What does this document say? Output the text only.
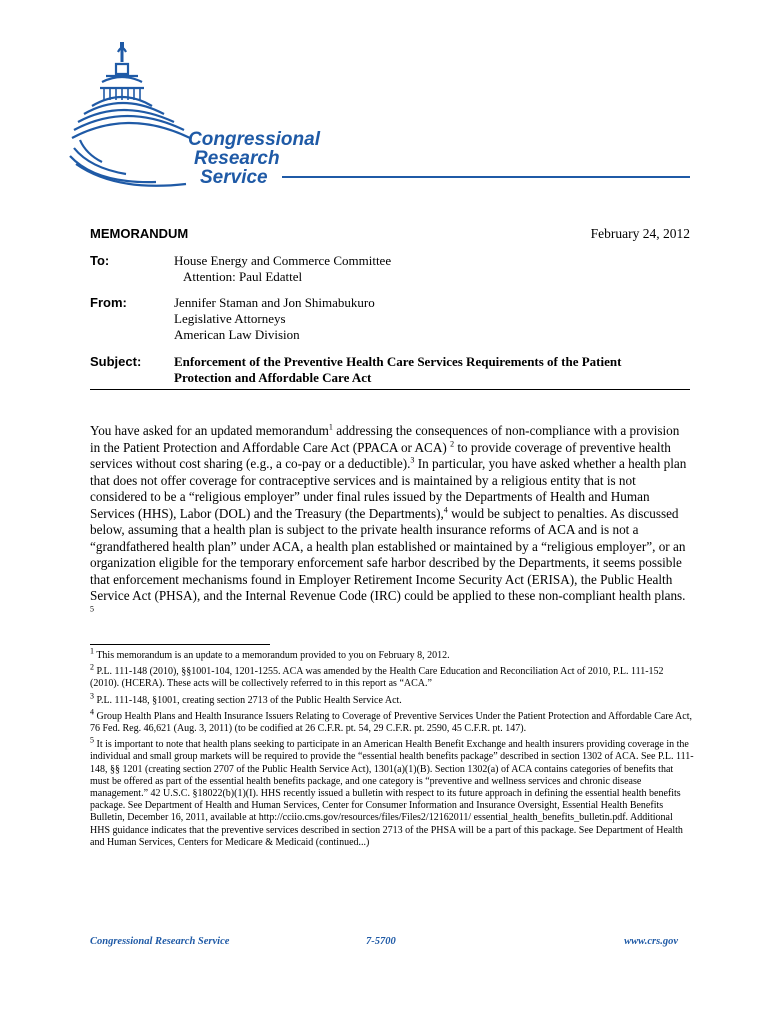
Congressional
Research
Service
MEMORANDUM	February 24, 2012
To:	House Energy and Commerce Committee
Attention: Paul Edattel
From:	Jennifer Staman and Jon Shimabukuro
Legislative Attorneys
American Law Division
Subject:	Enforcement of the Preventive Health Care Services Requirements of the Patient Protection and Affordable Care Act
You have asked for an updated memorandum$^1$ addressing the consequences of non-compliance with a provision in the Patient Protection and Affordable Care Act (PPACA or ACA) $^2$ to provide coverage of preventive health services without cost sharing (e.g., a co-pay or a deductible).$^3$ In particular, you have asked whether a health plan that does not offer coverage for contraceptive services and is maintained by a religious entity that is not considered to be a “religious employer” under final rules issued by the Departments of Health and Human Services (HHS), Labor (DOL) and the Treasury (the Departments),$^4$ would be subject to penalties. As discussed below, assuming that a health plan is subject to the private health insurance reforms of ACA and is not a “grandfathered health plan” under ACA, a health plan established or maintained by a “religious employer”, or an organization eligible for the temporary enforcement safe harbor described by the Departments, it seems possible that enforcement mechanisms found in Employer Retirement Income Security Act (ERISA), the Public Health Service Act (PHSA), and the Internal Revenue Code (IRC) could be applied to these non-compliant health plans. $^5$
$^1$ This memorandum is an update to a memorandum provided to you on February 8, 2012.
$^2$ P.L. 111-148 (2010), §§1001-104, 1201-1255. ACA was amended by the Health Care Education and Reconciliation Act of 2010, P.L. 111-152 (2010). (HCERA). These acts will be collectively referred to in this report as “ACA.”
$^3$ P.L. 111-148, §1001, creating section 2713 of the Public Health Service Act.
$^4$ Group Health Plans and Health Insurance Issuers Relating to Coverage of Preventive Services Under the Patient Protection and Affordable Care Act, 76 Fed. Reg. 46,621 (Aug. 3, 2011) (to be codified at 26 C.F.R. pt. 54, 29 C.F.R. pt. 2590, 45 C.F.R. pt. 147).
$^5$ It is important to note that health plans seeking to participate in an American Health Benefit Exchange and health insurers providing coverage in the individual and small group markets will be required to provide the “essential health benefits package” described in section 1302 of ACA. See P.L. 111-148, §§ 1201 (creating section 2707 of the Public Health Service Act), 1301(a)(1)(B). Section 1302(a) of ACA contains categories of benefits that must be offered as part of the essential health benefits package, and one category is “preventive and wellness services and chronic disease management.” 42 U.S.C. §18022(b)(1)(I). HHS recently issued a bulletin with respect to its future approach in defining the essential health benefits package. See Department of Health and Human Services, Center for Consumer Information and Insurance Oversight, Essential Health Benefits Bulletin, December 16, 2011, available at http://cciio.cms.gov/resources/files/Files2/12162011/ essential_health_benefits_bulletin.pdf. Additional HHS guidance indicates that the preventive services described in section 2713 of the PHSA will be a part of this package. See Department of Health and Human Services, Centers for Medicare & Medicaid (continued...)
Congressional Research Service	7-5700	www.crs.gov
